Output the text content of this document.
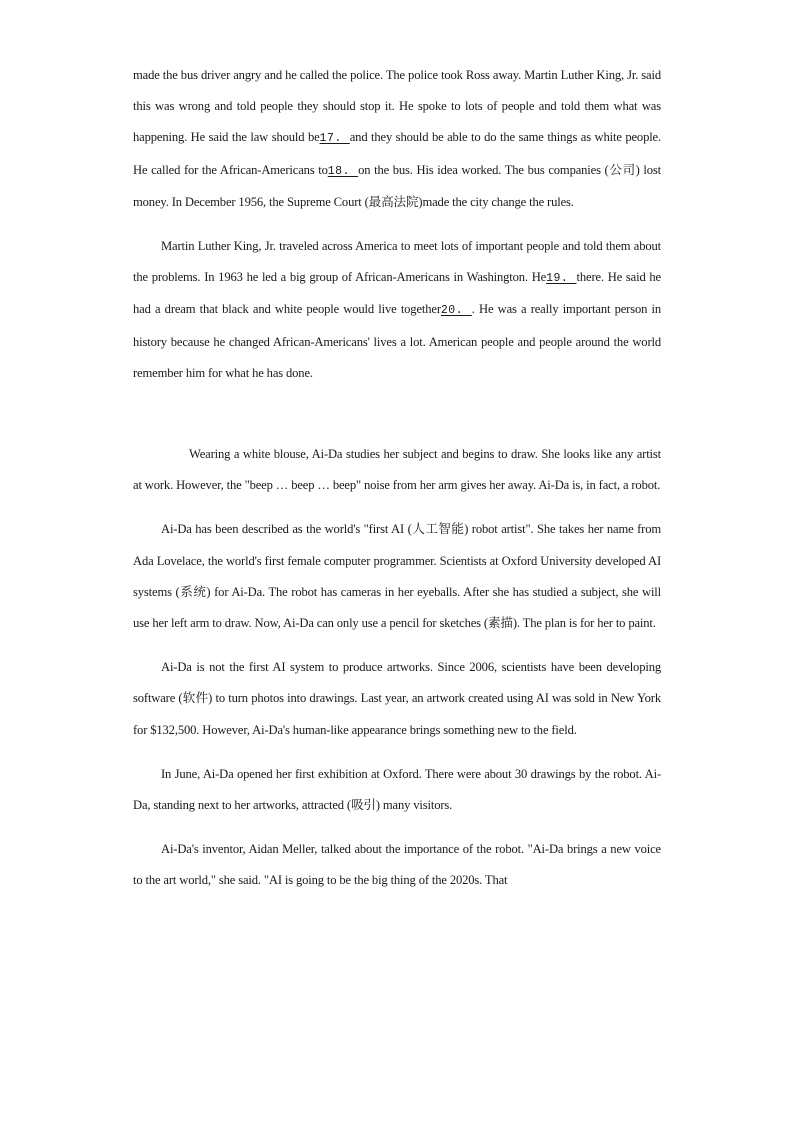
made the bus driver angry and he called the police. The police took Ross away. Martin Luther King, Jr. said this was wrong and told people they should stop it. He spoke to lots of people and told them what was happening. He said the law should be17. and they should be able to do the same things as white people. He called for the African-Americans to18. on the bus. His idea worked. The bus companies (公司) lost money. In December 1956, the Supreme Court (最高法院)made the city change the rules.

Martin Luther King, Jr. traveled across America to meet lots of important people and told them about the problems. In 1963 he led a big group of African-Americans in Washington. He19. there. He said he had a dream that black and white people would live together20. . He was a really important person in history because he changed African-Americans' lives a lot. American people and people around the world remember him for what he has done.

Wearing a white blouse, Ai-Da studies her subject and begins to draw. She looks like any artist at work. However, the "beep … beep … beep" noise from her arm gives her away. Ai-Da is, in fact, a robot.

Ai-Da has been described as the world's "first AI (人工智能) robot artist". She takes her name from Ada Lovelace, the world's first female computer programmer. Scientists at Oxford University developed AI systems (系统) for Ai-Da. The robot has cameras in her eyeballs. After she has studied a subject, she will use her left arm to draw. Now, Ai-Da can only use a pencil for sketches (素描). The plan is for her to paint.

Ai-Da is not the first AI system to produce artworks. Since 2006, scientists have been developing software (软件) to turn photos into drawings. Last year, an artwork created using AI was sold in New York for $132,500. However, Ai-Da's human-like appearance brings something new to the field.

In June, Ai-Da opened her first exhibition at Oxford. There were about 30 drawings by the robot. Ai-Da, standing next to her artworks, attracted (吸引) many visitors.

Ai-Da's inventor, Aidan Meller, talked about the importance of the robot. "Ai-Da brings a new voice to the art world," she said. "AI is going to be the big thing of the 2020s. That
